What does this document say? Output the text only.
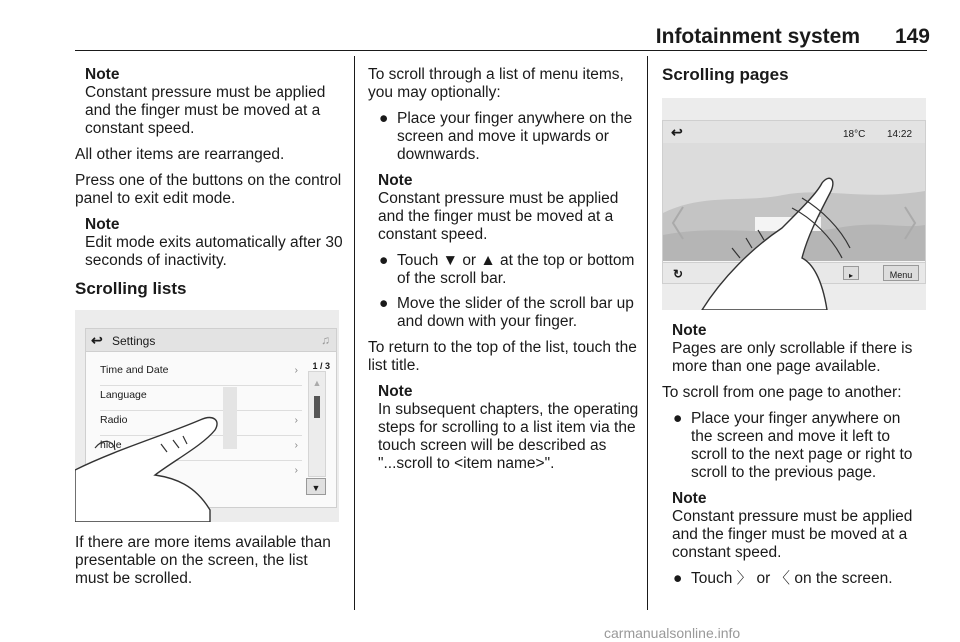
Infotainment system	149
Note
Constant pressure must be applied and the finger must be moved at a constant speed.

All other items are rearranged.

Press one of the buttons on the control panel to exit edit mode.

Note
Edit mode exits automatically after 30 seconds of inactivity.
Scrolling lists
↩ Settings	♫
Time and Date	›
Language
Radio	›
hicle	›
›
1 / 3
▲
▼

If there are more items available than presentable on the screen, the list must be scrolled.

To scroll through a list of menu items, you may optionally:

● Place your finger anywhere on the screen and move it upwards or downwards.
Note
Constant pressure must be applied and the finger must be moved at a constant speed.
● Touch ▼ or ▲ at the top or bottom of the scroll bar.
● Move the slider of the scroll bar up and down with your finger.

To return to the top of the list, touch the list title.

Note
In subsequent chapters, the operating steps for scrolling to a list item via the touch screen will be described as "...scroll to <item name>".
Scrolling pages
↩	18°C 14:22
↻	▸	Menu
Note
Pages are only scrollable if there is more than one page available.

To scroll from one page to another:

● Place your finger anywhere on the screen and move it left to scroll to the next page or right to scroll to the previous page.
Note
Constant pressure must be applied and the finger must be moved at a constant speed.
● Touch 〉 or 〈 on the screen.
carmanualsonline.info
